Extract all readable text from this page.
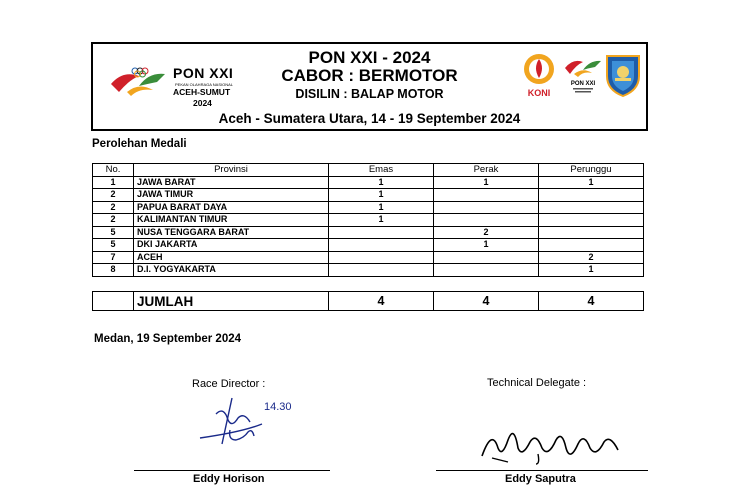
PON XXI
PEKAN OLAHRAGA NASIONAL
ACEH-SUMUT
2024
PON XXI - 2024
CABOR : BERMOTOR
DISILIN : BALAP MOTOR
Aceh - Sumatera Utara, 14 - 19 September 2024
KONI
PON XXI
Perolehan Medali
No.	Provinsi	Emas	Perak	Perunggu
1	JAWA BARAT	1	1	1
2	JAWA TIMUR	1		
2	PAPUA BARAT DAYA	1		
2	KALIMANTAN TIMUR	1		
5	NUSA TENGGARA BARAT		2	
5	DKI JAKARTA		1	
7	ACEH			2
8	D.I. YOGYAKARTA			1
	JUMLAH	4	4	4
Medan, 19 September 2024
Race Director :
14.30
Eddy Horison
Technical Delegate :
Eddy Saputra
